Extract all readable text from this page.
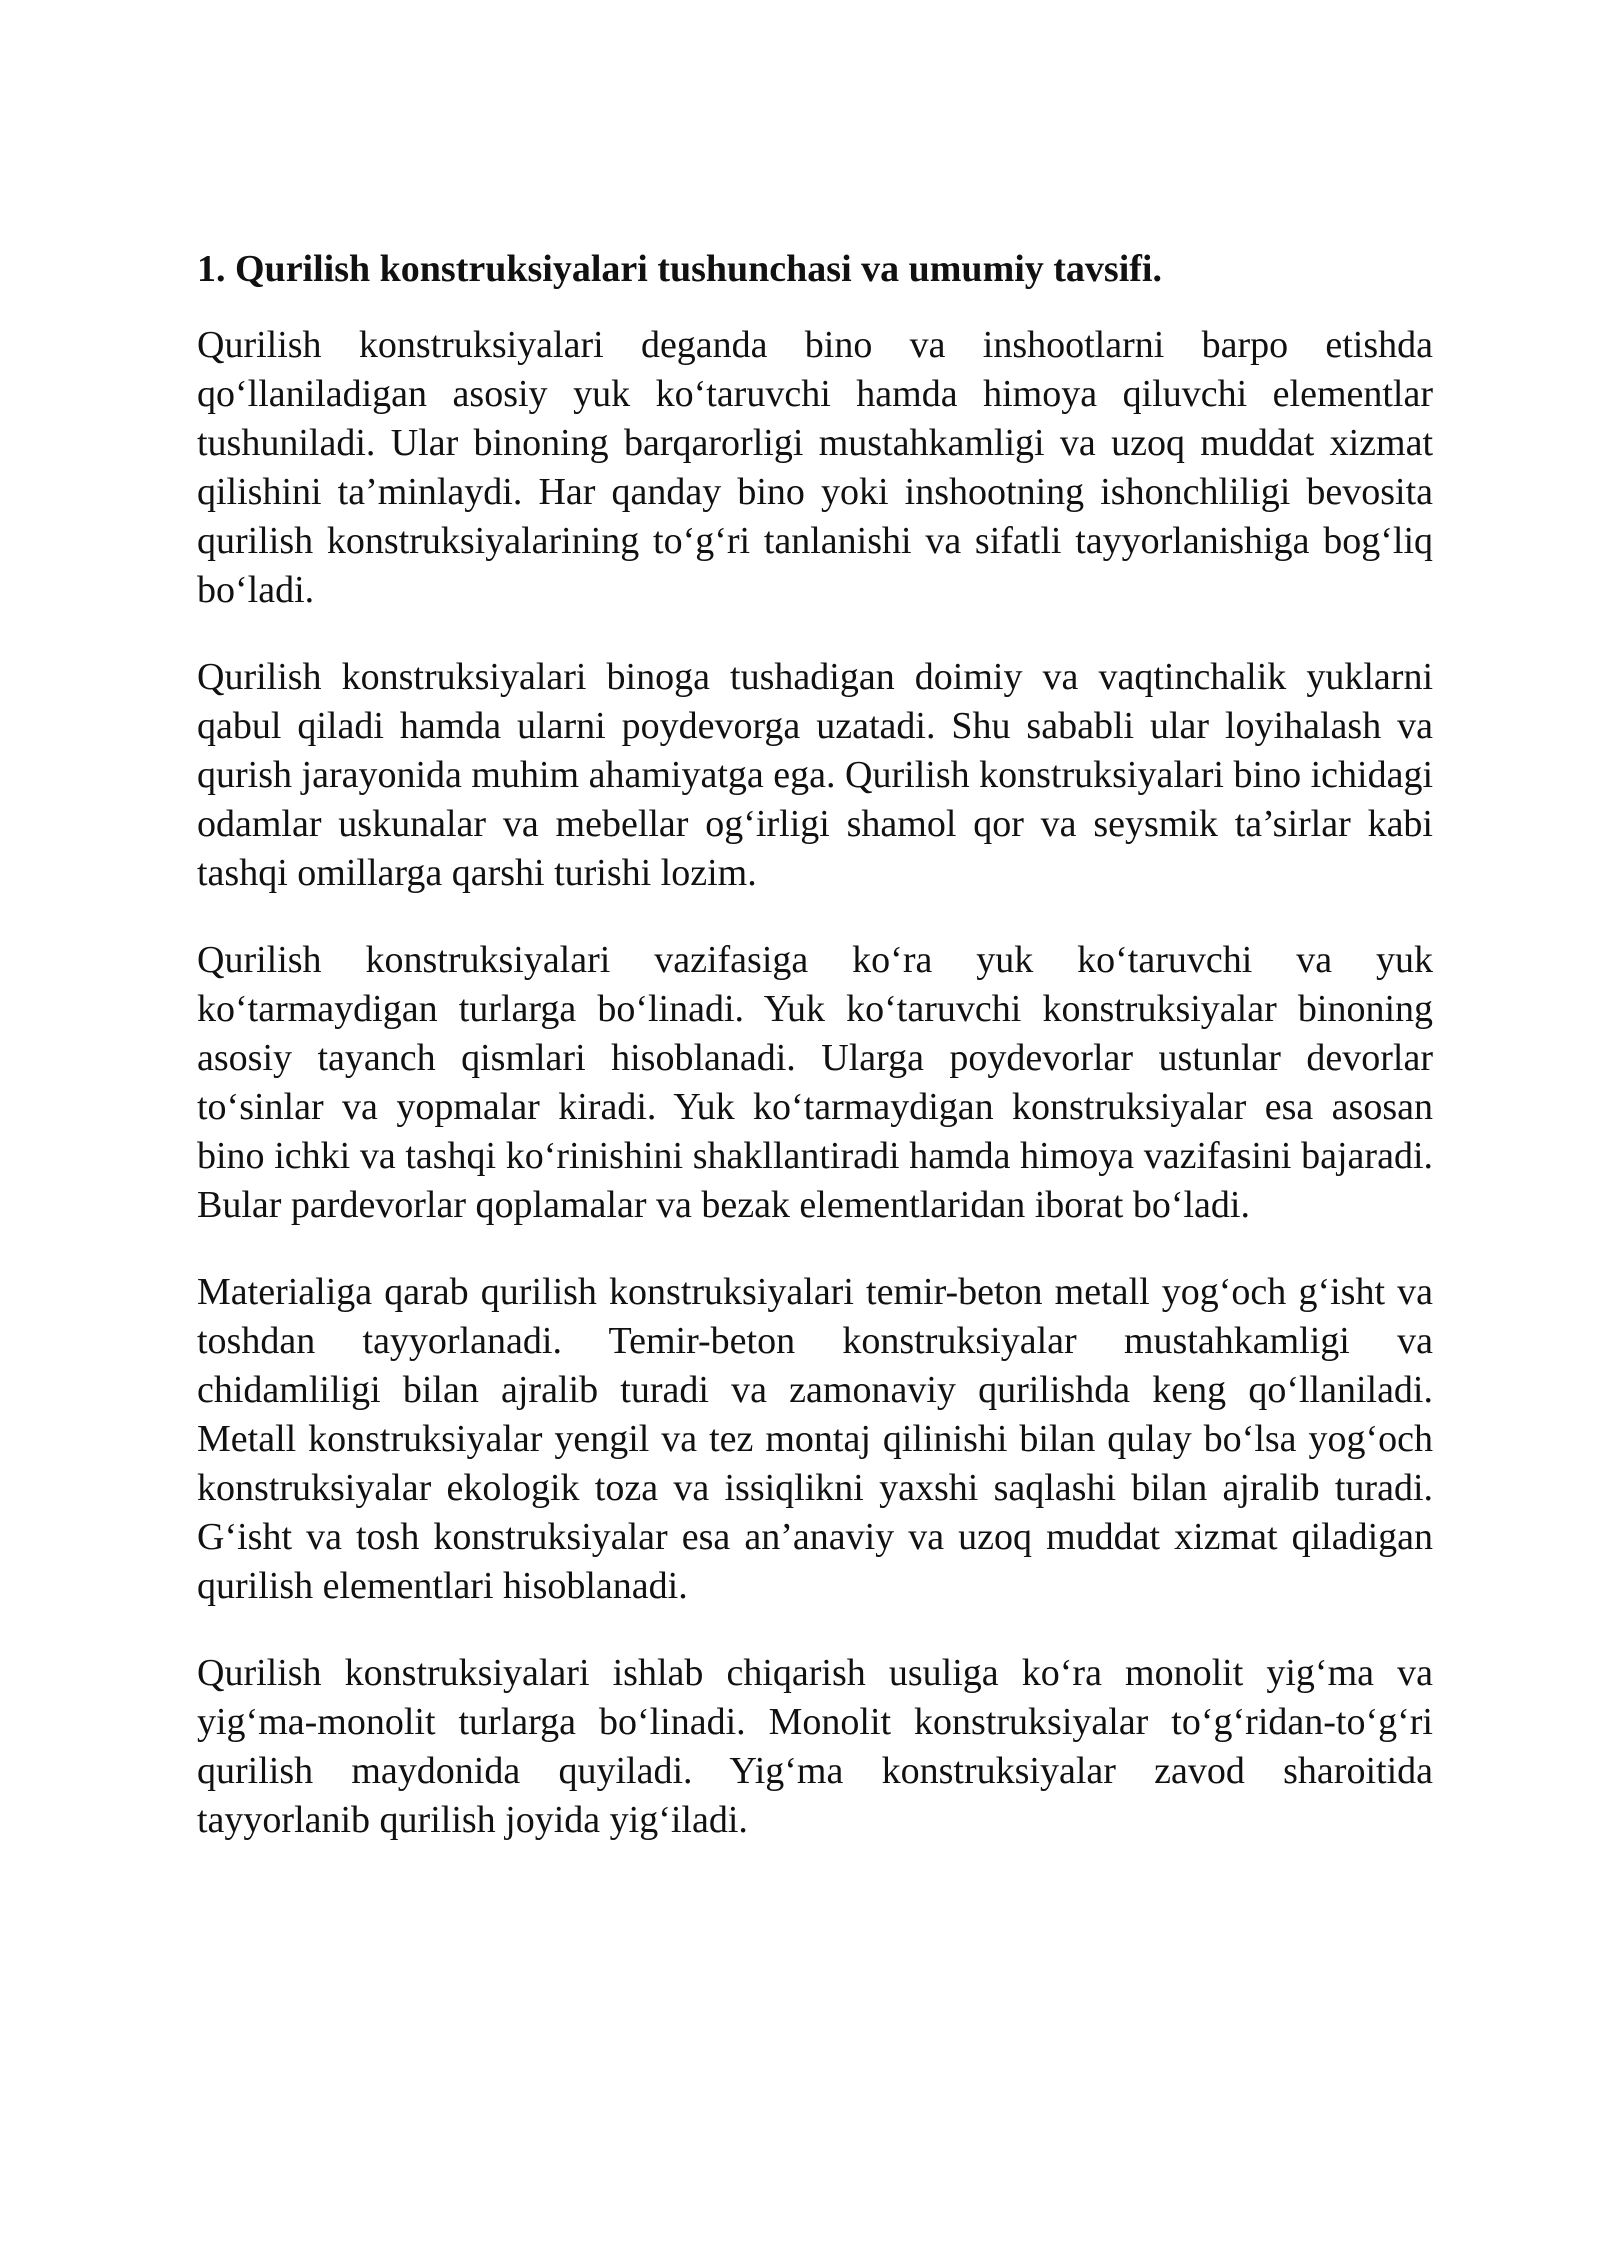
1. Qurilish konstruksiyalari tushunchasi va umumiy tavsifi.

Qurilish konstruksiyalari deganda bino va inshootlarni barpo etishda qo‘llaniladigan asosiy yuk ko‘taruvchi hamda himoya qiluvchi elementlar tushuniladi. Ular binoning barqarorligi mustahkamligi va uzoq muddat xizmat qilishini ta’minlaydi. Har qanday bino yoki inshootning ishonchliligi bevosita qurilish konstruksiyalarining to‘g‘ri tanlanishi va sifatli tayyorlanishiga bog‘liq bo‘ladi.

Qurilish konstruksiyalari binoga tushadigan doimiy va vaqtinchalik yuklarni qabul qiladi hamda ularni poydevorga uzatadi. Shu sababli ular loyihalash va qurish jarayonida muhim ahamiyatga ega. Qurilish konstruksiyalari bino ichidagi odamlar uskunalar va mebellar og‘irligi shamol qor va seysmik ta’sirlar kabi tashqi omillarga qarshi turishi lozim.

Qurilish konstruksiyalari vazifasiga ko‘ra yuk ko‘taruvchi va yuk ko‘tarmaydigan turlarga bo‘linadi. Yuk ko‘taruvchi konstruksiyalar binoning asosiy tayanch qismlari hisoblanadi. Ularga poydevorlar ustunlar devorlar to‘sinlar va yopmalar kiradi. Yuk ko‘tarmaydigan konstruksiyalar esa asosan bino ichki va tashqi ko‘rinishini shakllantiradi hamda himoya vazifasini bajaradi. Bular pardevorlar qoplamalar va bezak elementlaridan iborat bo‘ladi.

Materialiga qarab qurilish konstruksiyalari temir-beton metall yog‘och g‘isht va toshdan tayyorlanadi. Temir-beton konstruksiyalar mustahkamligi va chidamliligi bilan ajralib turadi va zamonaviy qurilishda keng qo‘llaniladi. Metall konstruksiyalar yengil va tez montaj qilinishi bilan qulay bo‘lsa yog‘och konstruksiyalar ekologik toza va issiqlikni yaxshi saqlashi bilan ajralib turadi. G‘isht va tosh konstruksiyalar esa an’anaviy va uzoq muddat xizmat qiladigan qurilish elementlari hisoblanadi.

Qurilish konstruksiyalari ishlab chiqarish usuliga ko‘ra monolit yig‘ma va yig‘ma-monolit turlarga bo‘linadi. Monolit konstruksiyalar to‘g‘ridan-to‘g‘ri qurilish maydonida quyiladi. Yig‘ma konstruksiyalar zavod sharoitida tayyorlanib qurilish joyida yig‘iladi.
